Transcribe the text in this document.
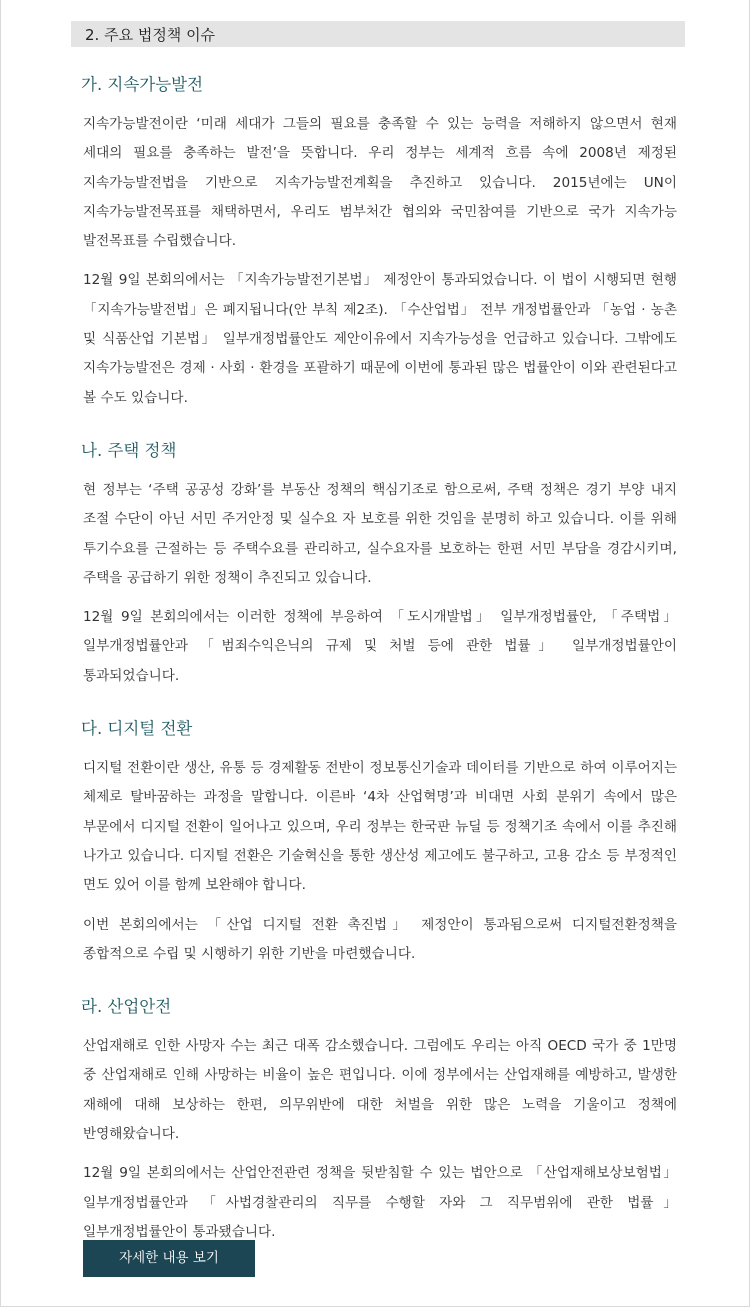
2. 주요 법정책 이슈
가. 지속가능발전

지속가능발전이란 ‘미래 세대가 그들의 필요를 충족할 수 있는 능력을 저해하지 않으면서 현재 세대의 필요를 충족하는 발전’을 뜻합니다. 우리 정부는 세계적 흐름 속에 2008년 제정된 지속가능발전법을 기반으로 지속가능발전계획을 추진하고 있습니다. 2015년에는 UN이 지속가능발전목표를 채택하면서, 우리도 범부처간 협의와 국민참여를 기반으로 국가 지속가능 발전목표를 수립했습니다.

12월 9일 본회의에서는 「지속가능발전기본법」 제정안이 통과되었습니다. 이 법이 시행되면 현행 「지속가능발전법」은 폐지됩니다(안 부칙 제2조). 「수산업법」 전부 개정법률안과 「농업 · 농촌 및 식품산업 기본법」 일부개정법률안도 제안이유에서 지속가능성을 언급하고 있습니다. 그밖에도 지속가능발전은 경제 · 사회 · 환경을 포괄하기 때문에 이번에 통과된 많은 법률안이 이와 관련된다고 볼 수도 있습니다.

나. 주택 정책

현 정부는 ‘주택 공공성 강화’를 부동산 정책의 핵심기조로 함으로써, 주택 정책은 경기 부양 내지 조절 수단이 아닌 서민 주거안정 및 실수요 자 보호를 위한 것임을 분명히 하고 있습니다. 이를 위해 투기수요를 근절하는 등 주택수요를 관리하고, 실수요자를 보호하는 한편 서민 부담을 경감시키며, 주택을 공급하기 위한 정책이 추진되고 있습니다.

12월 9일 본회의에서는 이러한 정책에 부응하여 「도시개발법」 일부개정법률안, 「주택법」 일부개정법률안과 「범죄수익은닉의 규제 및 처벌 등에 관한 법률」 일부개정법률안이 통과되었습니다.

다. 디지털 전환

디지털 전환이란 생산, 유통 등 경제활동 전반이 정보통신기술과 데이터를 기반으로 하여 이루어지는 체제로 탈바꿈하는 과정을 말합니다. 이른바 ‘4차 산업혁명’과 비대면 사회 분위기 속에서 많은 부문에서 디지털 전환이 일어나고 있으며, 우리 정부는 한국판 뉴딜 등 정책기조 속에서 이를 추진해 나가고 있습니다. 디지털 전환은 기술혁신을 통한 생산성 제고에도 불구하고, 고용 감소 등 부정적인 면도 있어 이를 함께 보완해야 합니다.

이번 본회의에서는 「산업 디지털 전환 촉진법」 제정안이 통과됨으로써 디지털전환정책을 종합적으로 수립 및 시행하기 위한 기반을 마련했습니다.

라. 산업안전

산업재해로 인한 사망자 수는 최근 대폭 감소했습니다. 그럼에도 우리는 아직 OECD 국가 중 1만명 중 산업재해로 인해 사망하는 비율이 높은 편입니다. 이에 정부에서는 산업재해를 예방하고, 발생한 재해에 대해 보상하는 한편, 의무위반에 대한 처벌을 위한 많은 노력을 기울이고 정책에 반영해왔습니다.

12월 9일 본회의에서는 산업안전관련 정책을 뒷받침할 수 있는 법안으로 「산업재해보상보험법」 일부개정법률안과 「사법경찰관리의 직무를 수행할 자와 그 직무범위에 관한 법률」 일부개정법률안이 통과됐습니다.

자세한 내용 보기
